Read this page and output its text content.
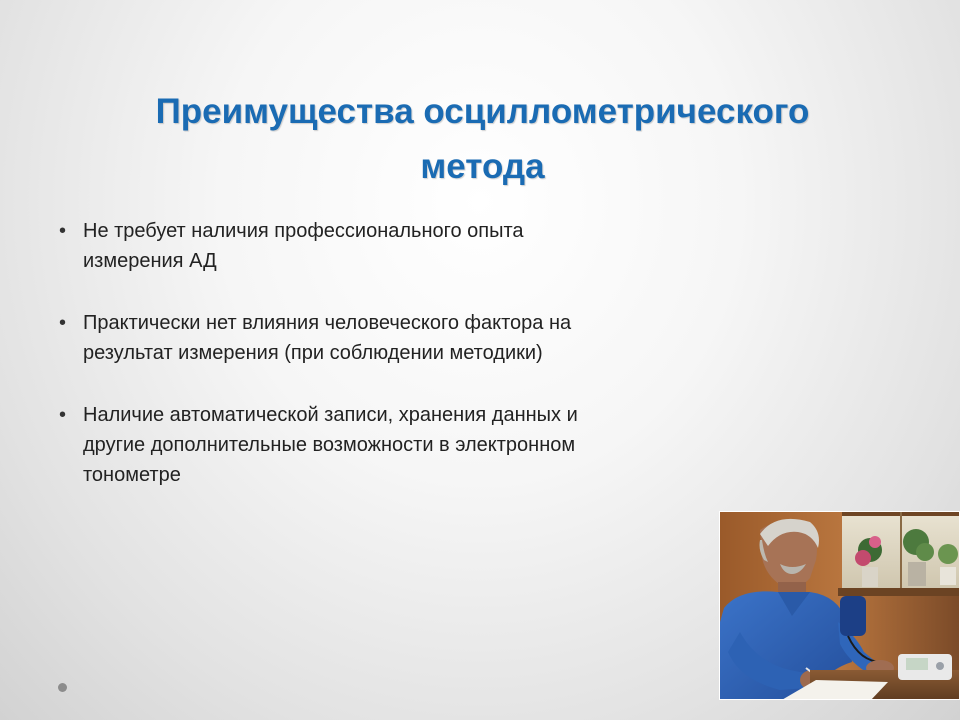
Преимущества осциллометрического
метода
• Не требует наличия профессионального опыта
измерения АД
• Практически нет влияния человеческого фактора на
результат измерения (при соблюдении методики)
• Наличие автоматической записи, хранения данных и
другие дополнительные возможности в электронном
тонометре
